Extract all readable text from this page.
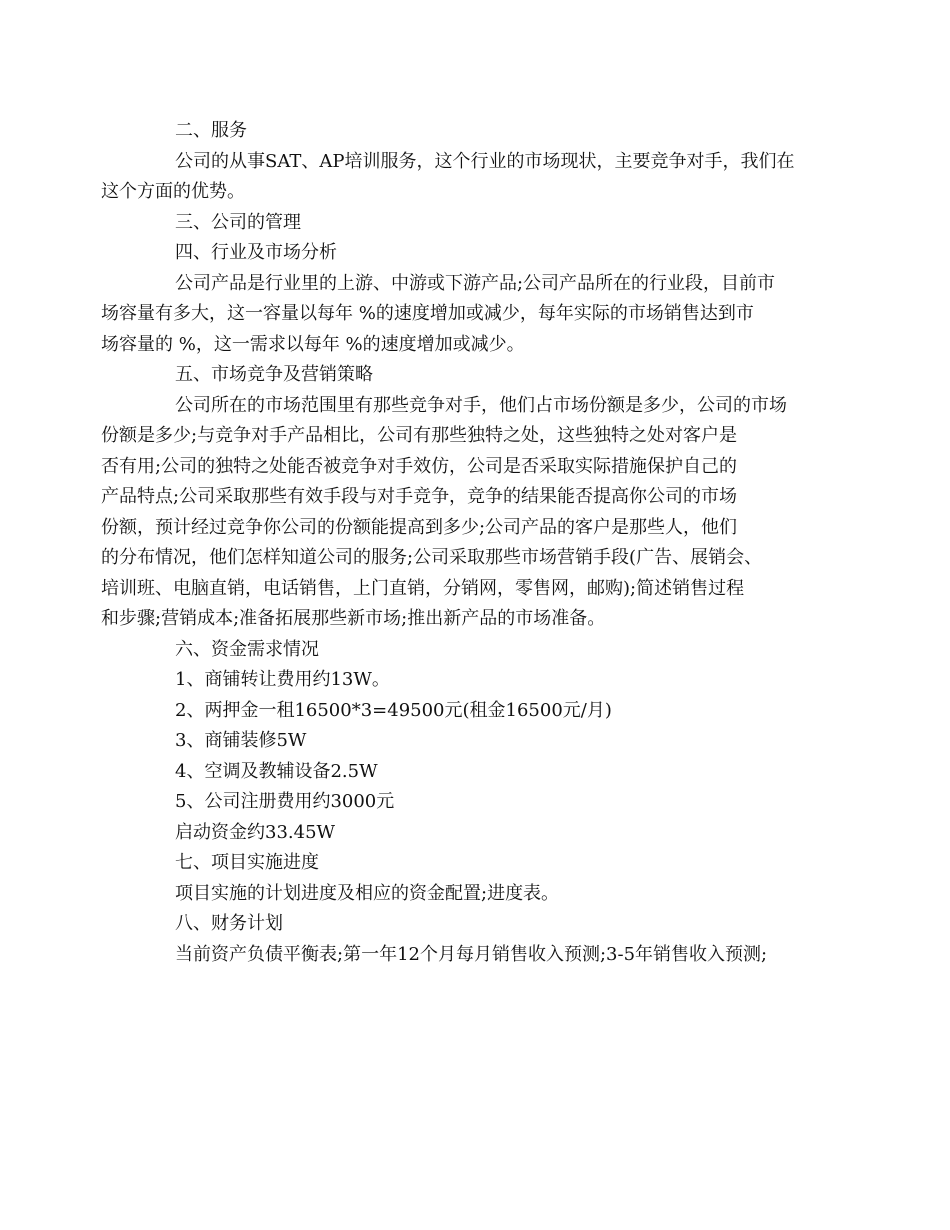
二、服务

公司的从事SAT、AP培训服务，这个行业的市场现状，主要竞争对手，我们在
这个方面的优势。

三、公司的管理

四、行业及市场分析

公司产品是行业里的上游、中游或下游产品;公司产品所在的行业段，目前市
场容量有多大，这一容量以每年 %的速度增加或减少，每年实际的市场销售达到市
场容量的 %，这一需求以每年 %的速度增加或减少。

五、市场竞争及营销策略

公司所在的市场范围里有那些竞争对手，他们占市场份额是多少，公司的市场
份额是多少;与竞争对手产品相比，公司有那些独特之处，这些独特之处对客户是
否有用;公司的独特之处能否被竞争对手效仿，公司是否采取实际措施保护自己的
产品特点;公司采取那些有效手段与对手竞争，竞争的结果能否提高你公司的市场
份额，预计经过竞争你公司的份额能提高到多少;公司产品的客户是那些人，他们
的分布情况，他们怎样知道公司的服务;公司采取那些市场营销手段(广告、展销会、
培训班、电脑直销，电话销售，上门直销，分销网，零售网，邮购);简述销售过程
和步骤;营销成本;准备拓展那些新市场;推出新产品的市场准备。

六、资金需求情况

1、商铺转让费用约13W。

2、两押金一租16500*3=49500元(租金16500元/月)

3、商铺装修5W

4、空调及教辅设备2.5W

5、公司注册费用约3000元

启动资金约33.45W

七、项目实施进度

项目实施的计划进度及相应的资金配置;进度表。

八、财务计划

当前资产负债平衡表;第一年12个月每月销售收入预测;3-5年销售收入预测;
